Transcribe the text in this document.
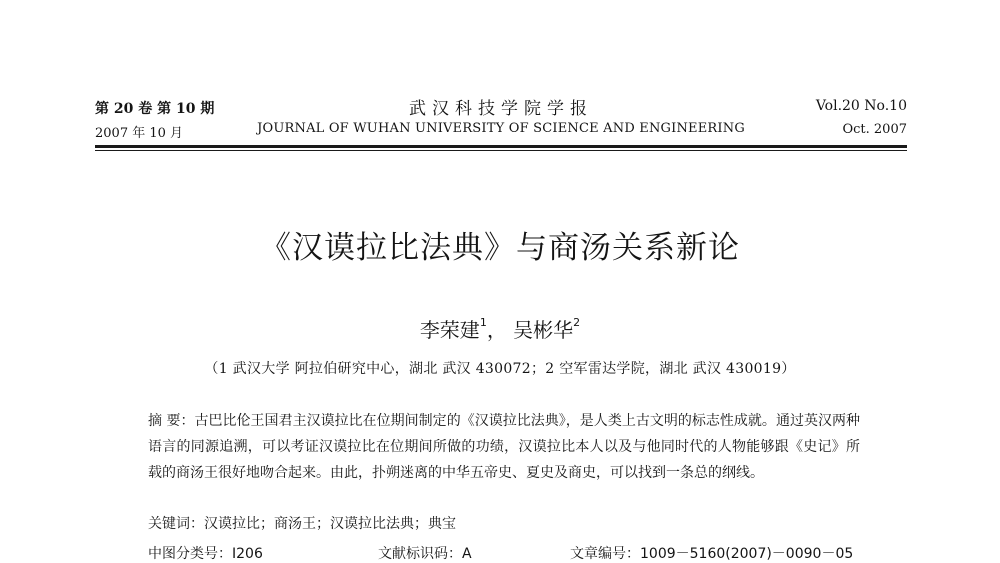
第 20 卷 第 10 期
2007 年 10 月
武汉科技学院学报
JOURNAL OF WUHAN UNIVERSITY OF SCIENCE AND ENGINEERING
Vol.20 No.10
Oct. 2007
《汉谟拉比法典》与商汤关系新论
李荣建$^1$， 吴彬华$^2$
（1 武汉大学 阿拉伯研究中心，湖北 武汉 430072；2 空军雷达学院，湖北 武汉 430019）
摘 要：古巴比伦王国君主汉谟拉比在位期间制定的《汉谟拉比法典》，是人类上古文明的标志性成就。通过英汉两种语言的同源追溯，可以考证汉谟拉比在位期间所做的功绩，汉谟拉比本人以及与他同时代的人物能够跟《史记》所载的商汤王很好地吻合起来。由此，扑朔迷离的中华五帝史、夏史及商史，可以找到一条总的纲线。
关键词：汉谟拉比；商汤王；汉谟拉比法典；典宝
中图分类号：I206	文献标识码：A	文章编号：1009－5160(2007)－0090－05
